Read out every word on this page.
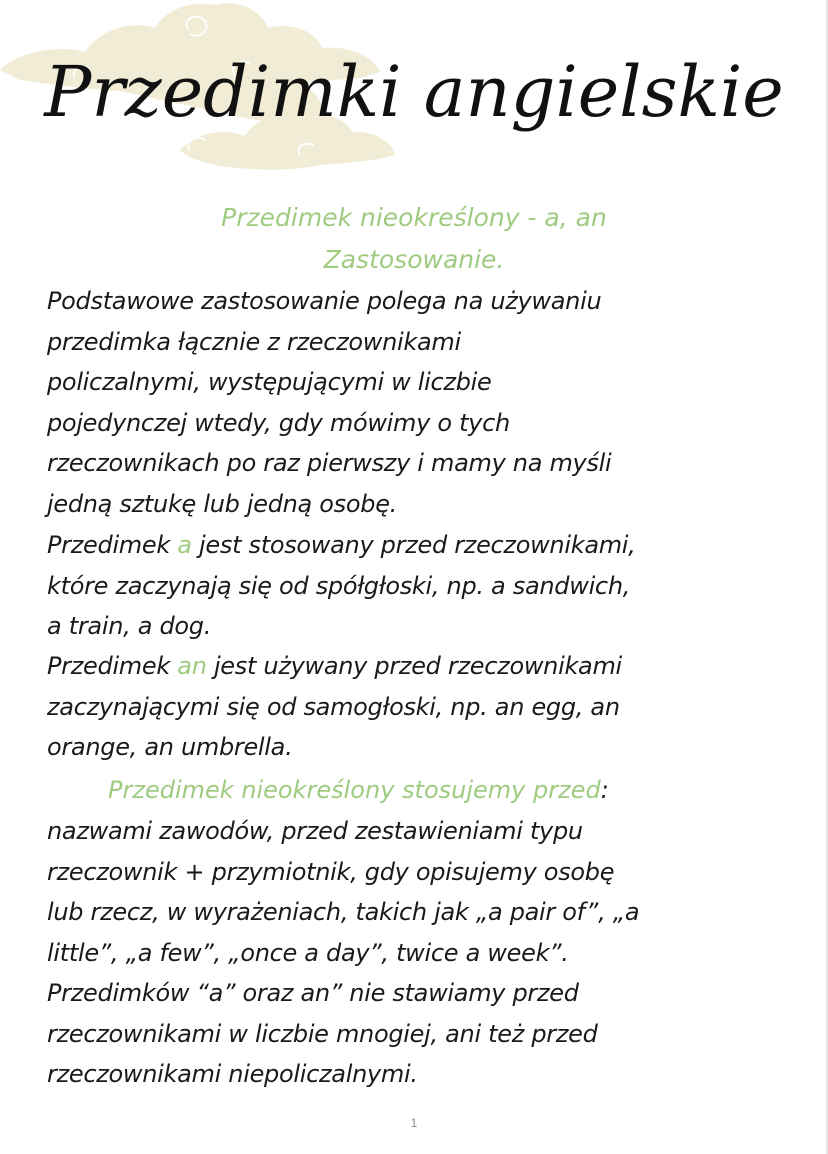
Przedimki angielskie
Przedimek nieokreślony - a, an
Zastosowanie.
Podstawowe zastosowanie polega na używaniu
przedimka łącznie z rzeczownikami
policzalnymi, występującymi w liczbie
pojedynczej wtedy, gdy mówimy o tych
rzeczownikach po raz pierwszy i mamy na myśli
jedną sztukę lub jedną osobę.
Przedimek a jest stosowany przed rzeczownikami,
które zaczynają się od spółgłoski, np. a sandwich,
a train, a dog.
Przedimek an jest używany przed rzeczownikami
zaczynającymi się od samogłoski, np. an egg, an
orange, an umbrella.
Przedimek nieokreślony stosujemy przed:
nazwami zawodów, przed zestawieniami typu
rzeczownik + przymiotnik, gdy opisujemy osobę
lub rzecz, w wyrażeniach, takich jak „a pair of”, „a
little”, „a few”, „once a day”, twice a week”.
Przedimków “a” oraz an” nie stawiamy przed
rzeczownikami w liczbie mnogiej, ani też przed
rzeczownikami niepoliczalnymi.
1
